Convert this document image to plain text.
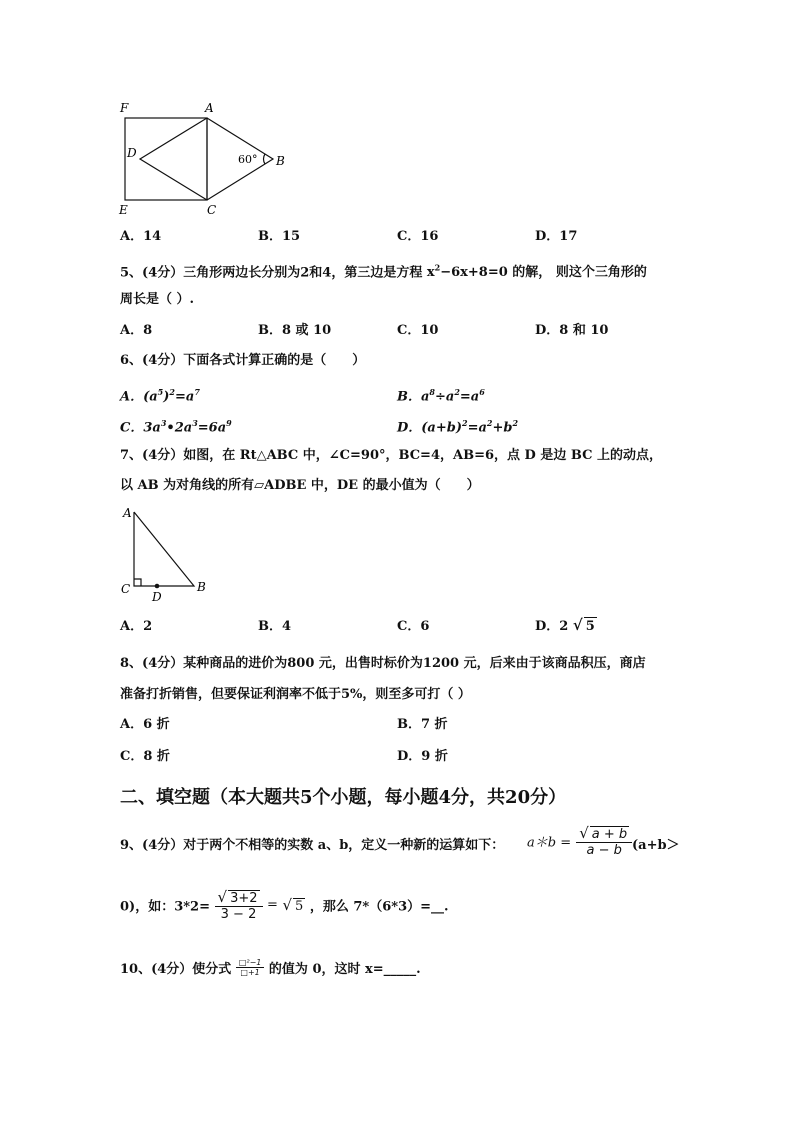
F	A
D	60° B
E	C
A．14	B．15	C．16	D．17
5、(4分）三角形两边长分别为2和4，第三边是方程 $x^2-6x+8=0$ 的解， 则这个三角形的
周长是（ ）.
A．8	B．8 或 10	C．10	D．8 和 10
6、(4分）下面各式计算正确的是（　　）
A．$(a^5)^2=a^7$	B．$a^8\div a^2=a^6$
C．$3a^3•2a^3=6a^9$	D．$(a+b)^2=a^2+b^2$
7、(4分）如图，在 Rt△ABC 中，∠C=90°，BC=4，AB=6，点 D 是边 BC 上的动点，
以 AB 为对角线的所有▱ADBE 中，DE 的最小值为（　　）
A
C
D
B
A．2	B．4	C．6	D．2 √ 5
8、(4分）某种商品的进价为800 元，出售时标价为1200 元，后来由于该商品积压，商店
准备打折销售，但要保证利润率不低于5%，则至多可打（ ）
A．6 折	B．7 折
C．8 折	D．9 折
二、填空题（本大题共5个小题，每小题4分，共20分）
9、(4分）对于两个不相等的实数 a、b，定义一种新的运算如下： a＊b = $\frac{√ a + b}{a - b} (a+b>$
0)，如：$3*2= \frac{√ 3+2}{3 - 2}$ = √ 5 ，那么 7*（6*3）=__.
10、(4分）使分式 $\frac{\text{□²−1}}{□+1}$ 的值为 0，这时 x=_____.
